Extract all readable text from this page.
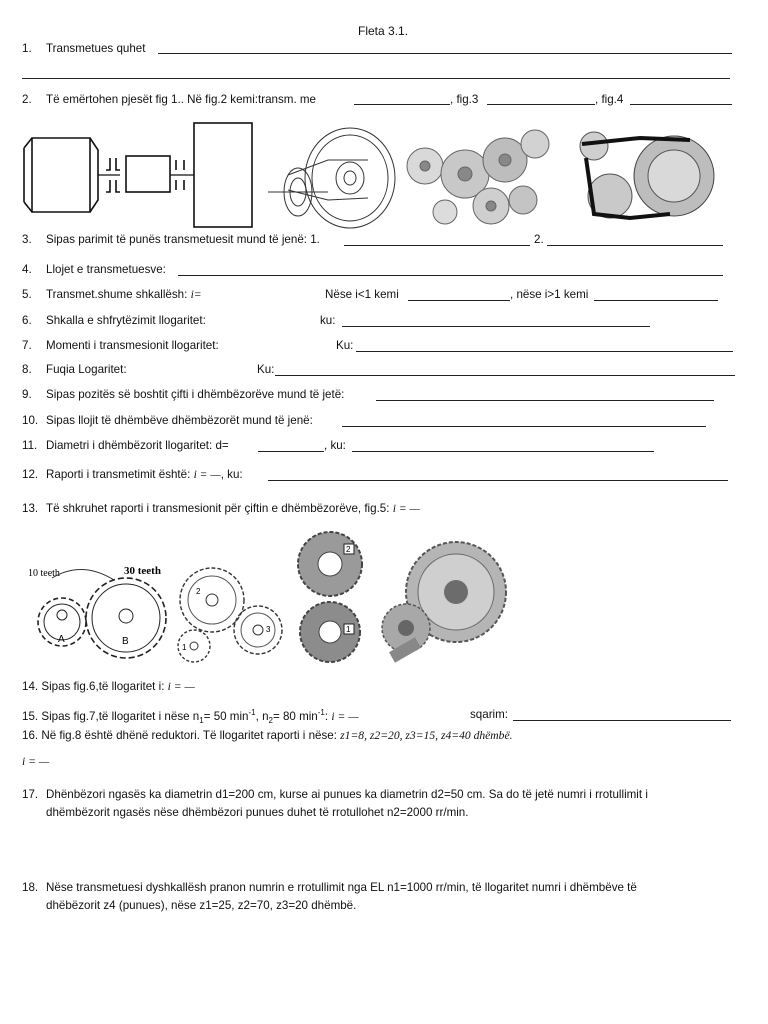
Fleta 3.1.
1. Transmetues quhet
2. Të emërtohen pjesët fig 1.. Në fig.2 kemi:transm. me	, fig.3	, fig.4
3. Sipas parimit të punës transmetuesit mund të jenë: 1.	2.
4. Llojet e transmetuesve:
5. Transmet.shume shkallësh: i=	Nëse i<1 kemi	, nëse i>1 kemi
6. Shkalla e shfrytëzimit llogaritet:	ku:
7. Momenti i transmesionit llogaritet:	Ku:
8. Fuqia Logaritet:	Ku:
9. Sipas pozitës së boshtit çifti i dhëmbëzorëve mund të jetë:
10. Sipas llojit të dhëmbëve dhëmbëzorët mund të jenë:
11. Diametri i dhëmbëzorit llogaritet: d=	, ku:
12. Raporti i transmetimit është: i = —, ku:
13. Të shkruhet raporti i transmesionit për çiftin e dhëmbëzorëve, fig.5: i = —
10 teeth	30 teeth
A	B
2
3
1
2
1
14. Sipas fig.6,të llogaritet i: i = —
15. Sipas fig.7,të llogaritet i nëse $n_1= 50$ $\min^{-1}$, $n_2= 80$ $\min^{-1}$: i = —	sqarim:
16. Në fig.8 është dhënë reduktori. Të llogaritet raporti i nëse: z1=8, z2=20, z3=15, z4=40 dhëmbë.
i = —
17. Dhënbëzori ngasës ka diametrin d1=200 cm, kurse ai punues ka diametrin d2=50 cm. Sa do të jetë numri i rrotullimit i
dhëmbëzorit ngasës nëse dhëmbëzori punues duhet të rrotullohet n2=2000 rr/min.
18. Nëse transmetuesi dyshkallësh pranon numrin e rrotullimit nga EL n1=1000 rr/min, të llogaritet numri i dhëmbëve të
dhëbëzorit z4 (punues), nëse z1=25, z2=70, z3=20 dhëmbë.
